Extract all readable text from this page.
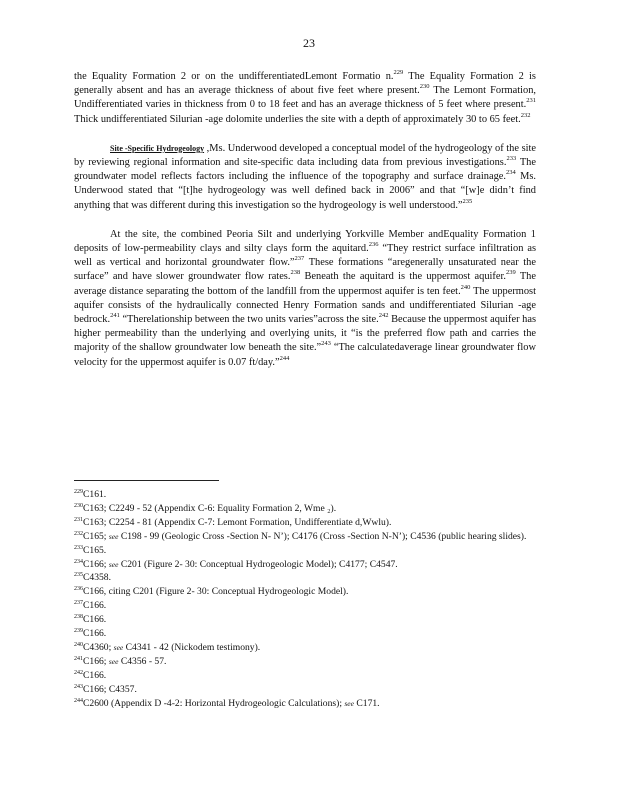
23

the Equality Formation 2 or on the undifferentiatedLemont Formatio n.$^{229}$ The Equality Formation 2 is generally absent and has an average thickness of about five feet where present.$^{230}$ The Lemont Formation, Undifferentiated varies in thickness from 0 to 18 feet and has an average thickness of 5 feet where present.$^{231}$ Thick undifferentiated Silurian -age dolomite underlies the site with a depth of approximately 30 to 65 feet.$^{232}$

Site -Specific Hydrogeology ,Ms. Underwood developed a conceptual model of the hydrogeology of the site by reviewing regional information and site-specific data including data from previous investigations.$^{233}$ The groundwater model reflects factors including the influence of the topography and surface drainage.$^{234}$ Ms. Underwood stated that “[t]he hydrogeology was well defined back in 2006” and that “[w]e didn’t find anything that was different during this investigation so the hydrogeology is well understood.”$^{235}$

At the site, the combined Peoria Silt and underlying Yorkville Member andEquality Formation 1 deposits of low-permeability clays and silty clays form the aquitard.$^{236}$ “They restrict surface infiltration as well as vertical and horizontal groundwater flow.”$^{237}$ These formations “aregenerally unsaturated near the surface” and have slower groundwater flow rates.$^{238}$ Beneath the aquitard is the uppermost aquifer.$^{239}$ The average distance separating the bottom of the landfill from the uppermost aquifer is ten feet.$^{240}$ The uppermost aquifer consists of the hydraulically connected Henry Formation sands and undifferentiated Silurian -age bedrock.$^{241}$ “Therelationship between the two units varies”across the site.$^{242}$ Because the uppermost aquifer has higher permeability than the underlying and overlying units, it “is the preferred flow path and carries the majority of the shallow groundwater low beneath the site.”$^{243}$ “The calculatedaverage linear groundwater flow velocity for the uppermost aquifer is 0.07 ft/day.”$^{244}$

$^{229}$C161.

$^{230}$C163; C2249 - 52 (Appendix C-6: Equality Formation 2, Wme ₂).

$^{231}$C163; C2254 - 81 (Appendix C-7: Lemont Formation, Undifferentiate d,Wwlu).

$^{232}$C165; see C198 - 99 (Geologic Cross -Section N- N’); C4176 (Cross -Section N-N’); C4536 (public hearing slides).

$^{233}$C165.

$^{234}$C166; see C201 (Figure 2- 30: Conceptual Hydrogeologic Model); C4177; C4547.

$^{235}$C4358.

$^{236}$C166, citing C201 (Figure 2- 30: Conceptual Hydrogeologic Model).

$^{237}$C166.

$^{238}$C166.

$^{239}$C166.

$^{240}$C4360; see C4341 - 42 (Nickodem testimony).

$^{241}$C166; see C4356 - 57.

$^{242}$C166.

$^{243}$C166; C4357.

$^{244}$C2600 (Appendix D -4-2: Horizontal Hydrogeologic Calculations); see C171.
